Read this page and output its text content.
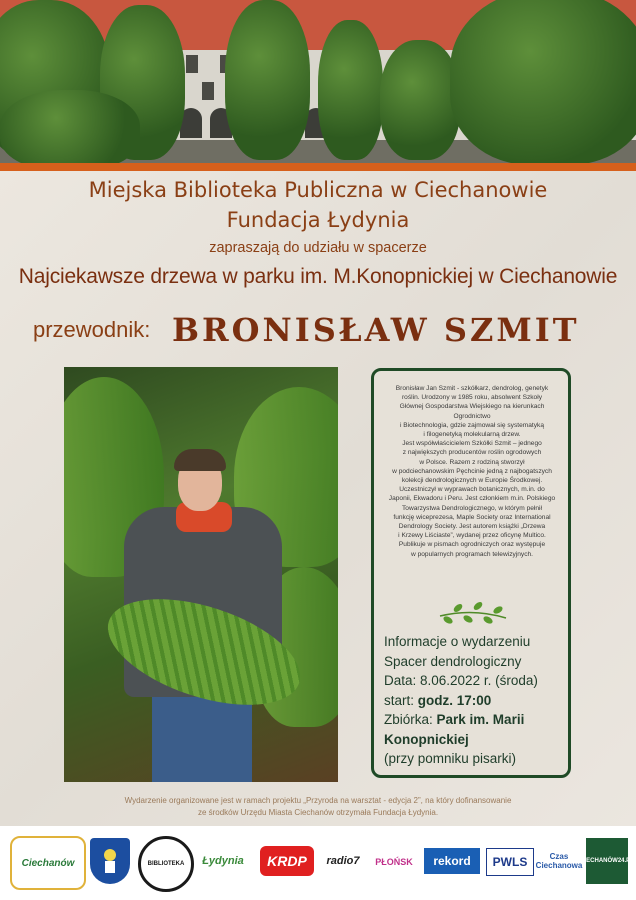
Miejska Biblioteka Publiczna w Ciechanowie
Fundacja Łydynia
zapraszają do udziału w spacerze
Najciekawsze drzewa w parku im. M.Konopnickiej w Ciechanowie
przewodnik: BRONISŁAW SZMIT
Bronisław Jan Szmit - szkółkarz, dendrolog, genetyk
roślin. Urodzony w 1985 roku, absolwent Szkoły
Głównej Gospodarstwa Wiejskiego na kierunkach
Ogrodnictwo
i Biotechnologia, gdzie zajmował się systematyką
i filogenetyką molekularną drzew.
Jest współwłaścicielem Szkółki Szmit – jednego
z największych producentów roślin ogrodowych
w Polsce. Razem z rodziną stworzył
w podciechanowskim Pęchcinie jedną z najbogatszych
kolekcji dendrologicznych w Europie Środkowej.
Uczestniczył w wyprawach botanicznych, m.in. do
Japonii, Ekwadoru i Peru. Jest członkiem m.in. Polskiego
Towarzystwa Dendrologicznego, w którym pełnił
funkcję wiceprezesa, Maple Society oraz International
Dendrology Society. Jest autorem książki „Drzewa
i Krzewy Liściaste”, wydanej przez oficynę Multico.
Publikuje w pismach ogrodniczych oraz występuje
w popularnych programach telewizyjnych.
Informacje o wydarzeniu
Spacer dendrologiczny
Data: 8.06.2022 r. (środa)
start: godz. 17:00
Zbiórka: Park im. Marii
Konopnickiej
(przy pomniku pisarki)
Wydarzenie organizowane jest w ramach projektu „Przyroda na warsztat - edycja 2”, na który dofinansowanie
ze środków Urzędu Miasta Ciechanów otrzymała Fundacja Łydynia.
Ciechanów	BIBLIOTEKA	Łydynia	KRDP	radio7	PŁOŃSK	rekord	PWLS	Czas Ciechanowa
CIECHANÓW24.PL
